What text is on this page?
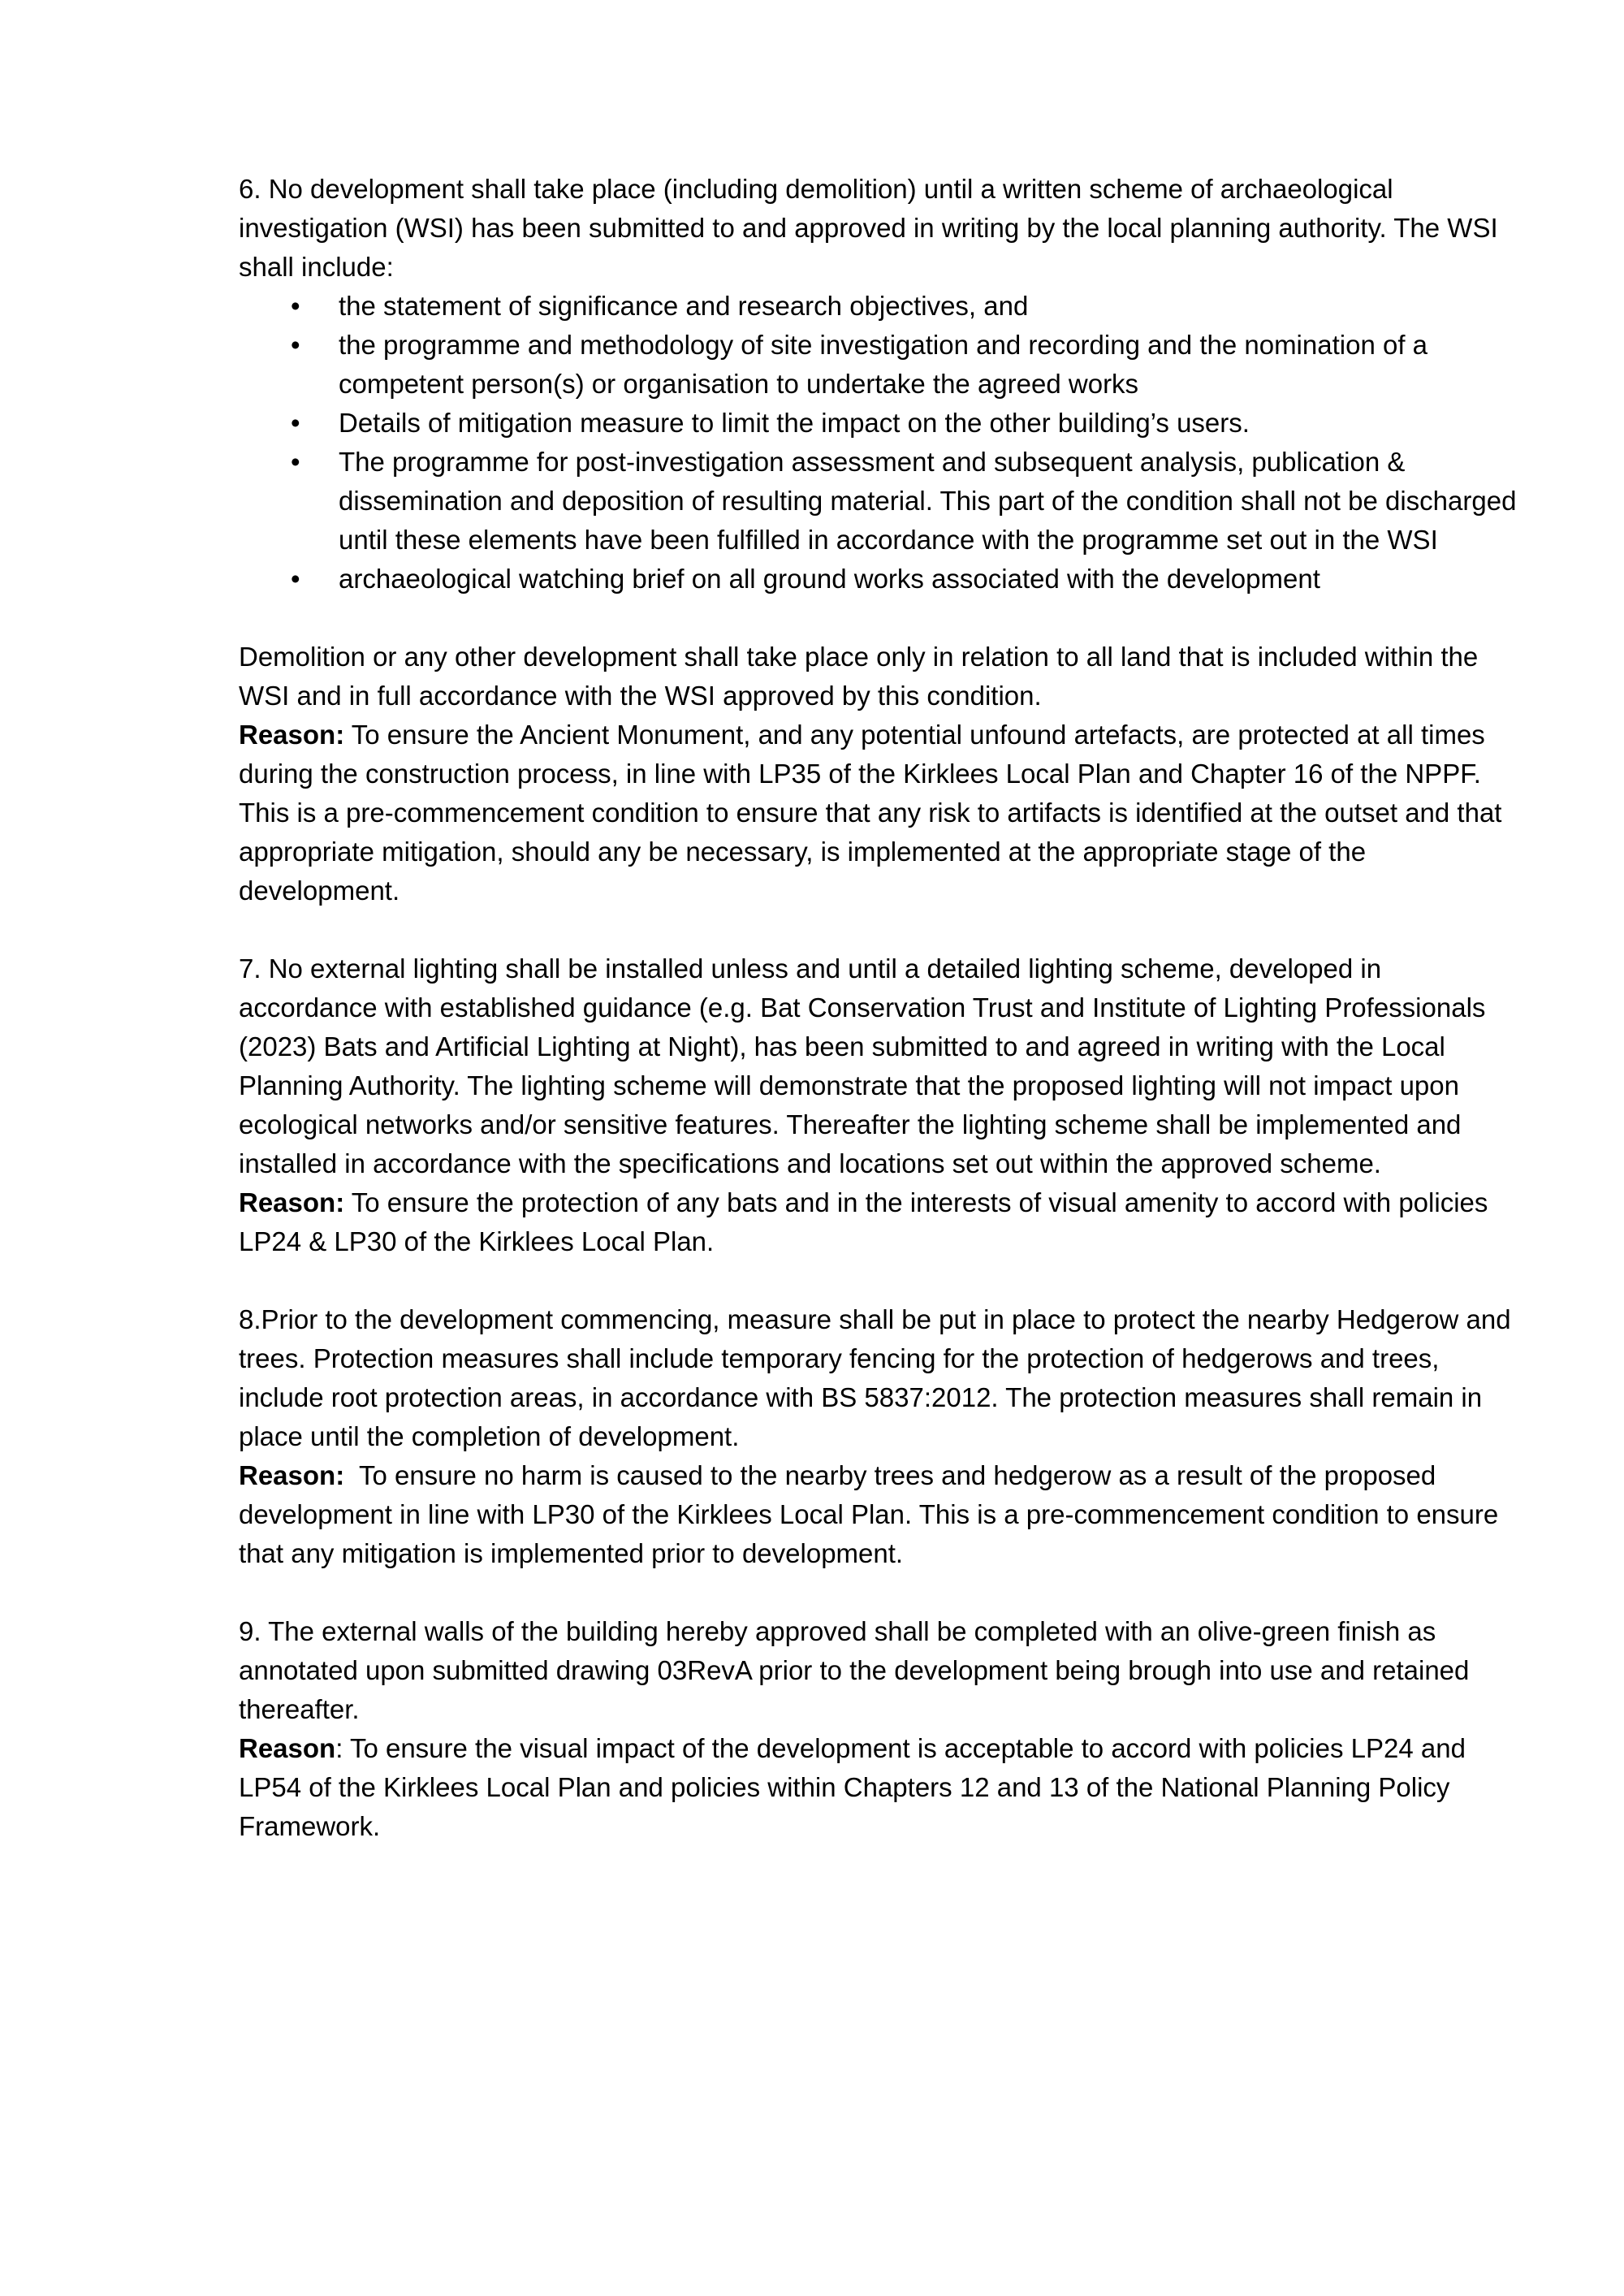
6. No development shall take place (including demolition) until a written scheme of archaeological investigation (WSI) has been submitted to and approved in writing by the local planning authority. The WSI shall include:

• the statement of significance and research objectives, and
• the programme and methodology of site investigation and recording and the nomination of a competent person(s) or organisation to undertake the agreed works
• Details of mitigation measure to limit the impact on the other building’s users.
• The programme for post-investigation assessment and subsequent analysis, publication & dissemination and deposition of resulting material. This part of the condition shall not be discharged until these elements have been fulfilled in accordance with the programme set out in the WSI
• archaeological watching brief on all ground works associated with the development

Demolition or any other development shall take place only in relation to all land that is included within the WSI and in full accordance with the WSI approved by this condition.

Reason: To ensure the Ancient Monument, and any potential unfound artefacts, are protected at all times during the construction process, in line with LP35 of the Kirklees Local Plan and Chapter 16 of the NPPF. This is a pre-commencement condition to ensure that any risk to artifacts is identified at the outset and that appropriate mitigation, should any be necessary, is implemented at the appropriate stage of the development.

7. No external lighting shall be installed unless and until a detailed lighting scheme, developed in accordance with established guidance (e.g. Bat Conservation Trust and Institute of Lighting Professionals (2023) Bats and Artificial Lighting at Night), has been submitted to and agreed in writing with the Local Planning Authority. The lighting scheme will demonstrate that the proposed lighting will not impact upon ecological networks and/or sensitive features. Thereafter the lighting scheme shall be implemented and installed in accordance with the specifications and locations set out within the approved scheme.

Reason: To ensure the protection of any bats and in the interests of visual amenity to accord with policies LP24 & LP30 of the Kirklees Local Plan.

8.Prior to the development commencing, measure shall be put in place to protect the nearby Hedgerow and trees. Protection measures shall include temporary fencing for the protection of hedgerows and trees, include root protection areas, in accordance with BS 5837:2012. The protection measures shall remain in place until the completion of development.

Reason:  To ensure no harm is caused to the nearby trees and hedgerow as a result of the proposed development in line with LP30 of the Kirklees Local Plan. This is a pre-commencement condition to ensure that any mitigation is implemented prior to development.

9. The external walls of the building hereby approved shall be completed with an olive-green finish as annotated upon submitted drawing 03RevA prior to the development being brough into use and retained thereafter.

Reason: To ensure the visual impact of the development is acceptable to accord with policies LP24 and LP54 of the Kirklees Local Plan and policies within Chapters 12 and 13 of the National Planning Policy Framework.
